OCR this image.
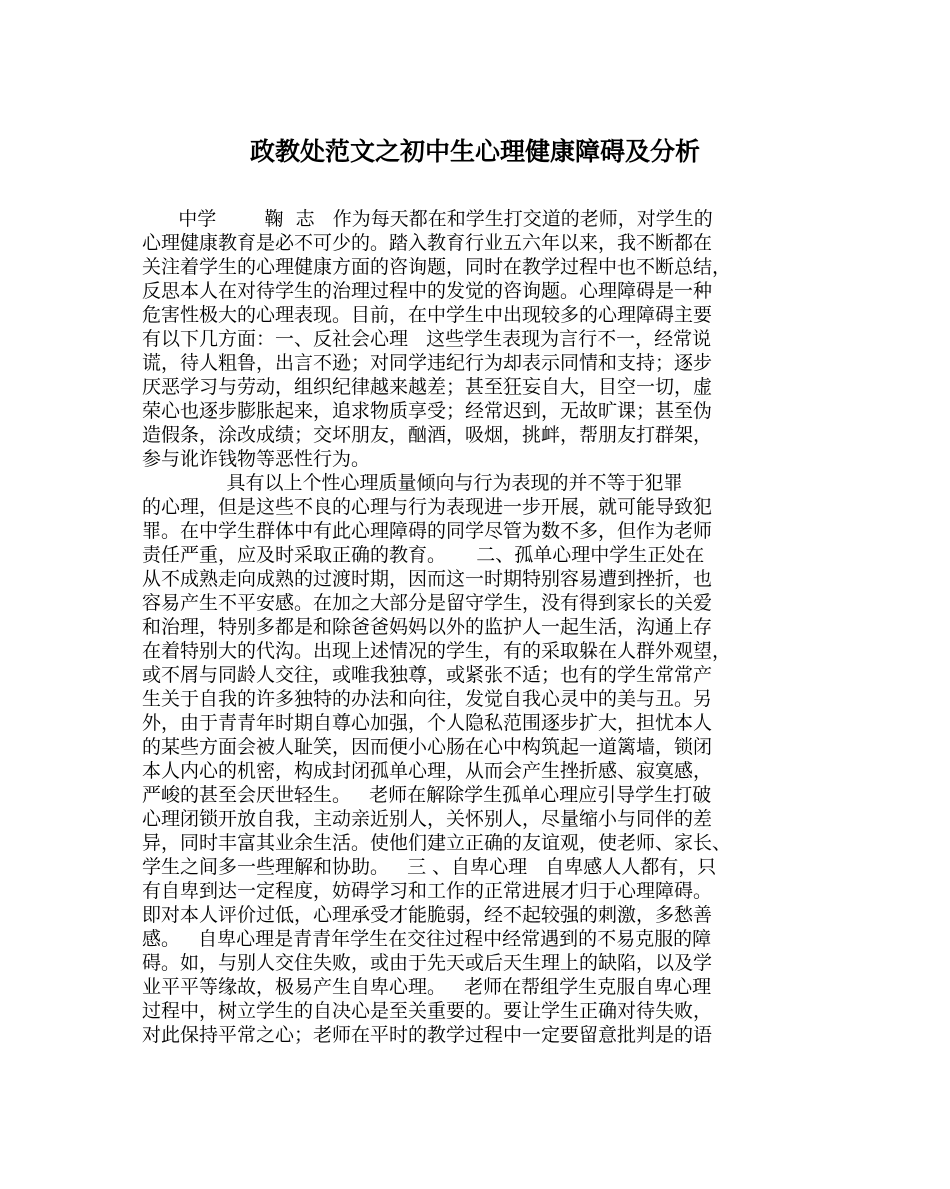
政教处范文之初中生心理健康障碍及分析
中学        鞠  志   作为每天都在和学生打交道的老师，对学生的
心理健康教育是必不可少的。踏入教育行业五六年以来，我不断都在
关注着学生的心理健康方面的咨询题，同时在教学过程中也不断总结，
反思本人在对待学生的治理过程中的发觉的咨询题。心理障碍是一种
危害性极大的心理表现。目前，在中学生中出现较多的心理障碍主要
有以下几方面：一、反社会心理   这些学生表现为言行不一，经常说
谎，待人粗鲁，出言不逊；对同学违纪行为却表示同情和支持；逐步
厌恶学习与劳动，组织纪律越来越差；甚至狂妄自大，目空一切，虚
荣心也逐步膨胀起来，追求物质享受；经常迟到，无故旷课；甚至伪
造假条，涂改成绩；交坏朋友，酗酒，吸烟，挑衅，帮朋友打群架，
参与讹诈钱物等恶性行为。
具有以上个性心理质量倾向与行为表现的并不等于犯罪
的心理，但是这些不良的心理与行为表现进一步开展，就可能导致犯
罪。在中学生群体中有此心理障碍的同学尽管为数不多，但作为老师
责任严重，应及时采取正确的教育。     二、孤单心理中学生正处在
从不成熟走向成熟的过渡时期，因而这一时期特别容易遭到挫折，也
容易产生不平安感。在加之大部分是留守学生，没有得到家长的关爱
和治理，特别多都是和除爸爸妈妈以外的监护人一起生活，沟通上存
在着特别大的代沟。出现上述情况的学生，有的采取躲在人群外观望，
或不屑与同龄人交往，或唯我独尊，或紧张不适；也有的学生常常产
生关于自我的许多独特的办法和向往，发觉自我心灵中的美与丑。另
外，由于青青年时期自尊心加强，个人隐私范围逐步扩大，担忧本人
的某些方面会被人耻笑，因而便小心肠在心中构筑起一道篱墙，锁闭
本人内心的机密，构成封闭孤单心理，从而会产生挫折感、寂寞感，
严峻的甚至会厌世轻生。   老师在解除学生孤单心理应引导学生打破
心理闭锁开放自我，主动亲近别人，关怀别人，尽量缩小与同伴的差
异，同时丰富其业余生活。使他们建立正确的友谊观，使老师、家长、
学生之间多一些理解和协助。   三 、自卑心理   自卑感人人都有，只
有自卑到达一定程度，妨碍学习和工作的正常进展才归于心理障碍。
即对本人评价过低，心理承受才能脆弱，经不起较强的刺激，多愁善
感。   自卑心理是青青年学生在交往过程中经常遇到的不易克服的障
碍。如，与别人交住失败，或由于先天或后天生理上的缺陷，以及学
业平平等缘故，极易产生自卑心理。   老师在帮组学生克服自卑心理
过程中，树立学生的自决心是至关重要的。要让学生正确对待失败，
对此保持平常之心；老师在平时的教学过程中一定要留意批判是的语
